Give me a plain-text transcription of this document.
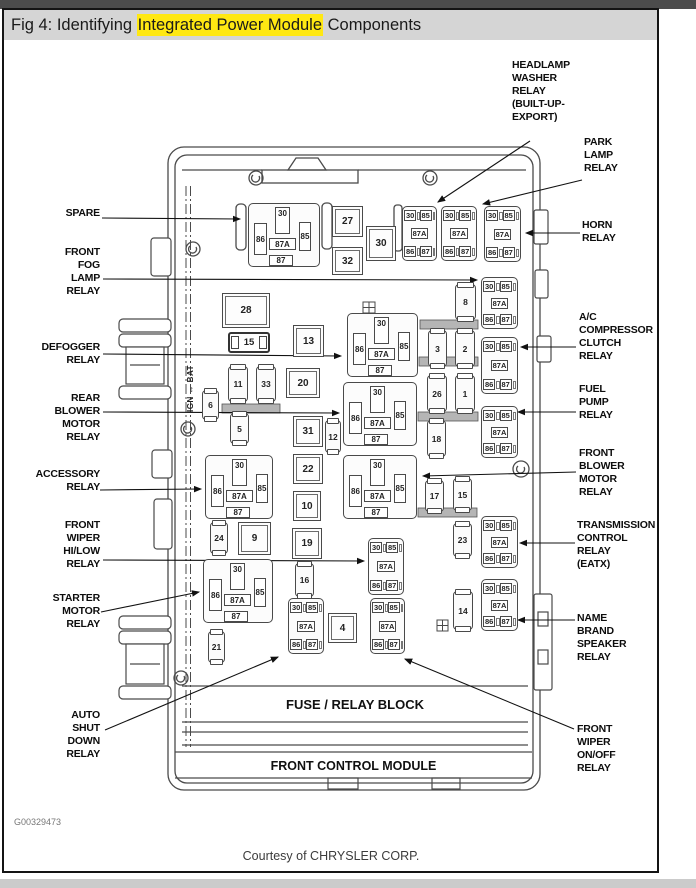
Fig 4: Identifying Integrated Power Module Components
SPARE
FRONT
FOG
LAMP
RELAY
DEFOGGER
RELAY
REAR
BLOWER
MOTOR
RELAY
ACCESSORY
RELAY
FRONT
WIPER
HI/LOW
RELAY
STARTER
MOTOR
RELAY
AUTO
SHUT
DOWN
RELAY
HEADLAMP
WASHER
RELAY
(BUILT-UP-
EXPORT)
PARK
LAMP
RELAY
HORN
RELAY
A/C
COMPRESSOR
CLUTCH
RELAY
FUEL
PUMP
RELAY
FRONT
BLOWER
MOTOR
RELAY
TRANSMISSION
CONTROL
RELAY
(EATX)
NAME
BRAND
SPEAKER
RELAY
FRONT
WIPER
ON/OFF
RELAY
IGN ↔ BAT
30
86
87A
85
87
30
86
87A
85
87
30
86
87A
85
87
30
86
87A
85
87
30
86
87A
85
87
30
86
87A
85
87
30 85
87A
86 87
30 85
87A
86 87
30 85
87A
86 87
30 85
87A
86 87
30 85
87A
86 87
30 85
87A
86 87
30 85
87A
86 87
30 85
87A
86 87
30 85
87A
86 87
30 85
87A
86 87
30 85
87A
86 87
27
32
30
28
13
20
31
22
10
19
9
4
15
6
11 33
5
12
24
21
16
8
3	2
26 1
18
17 15
23
14
FUSE / RELAY BLOCK
FRONT CONTROL MODULE
G00329473
Courtesy of CHRYSLER CORP.
